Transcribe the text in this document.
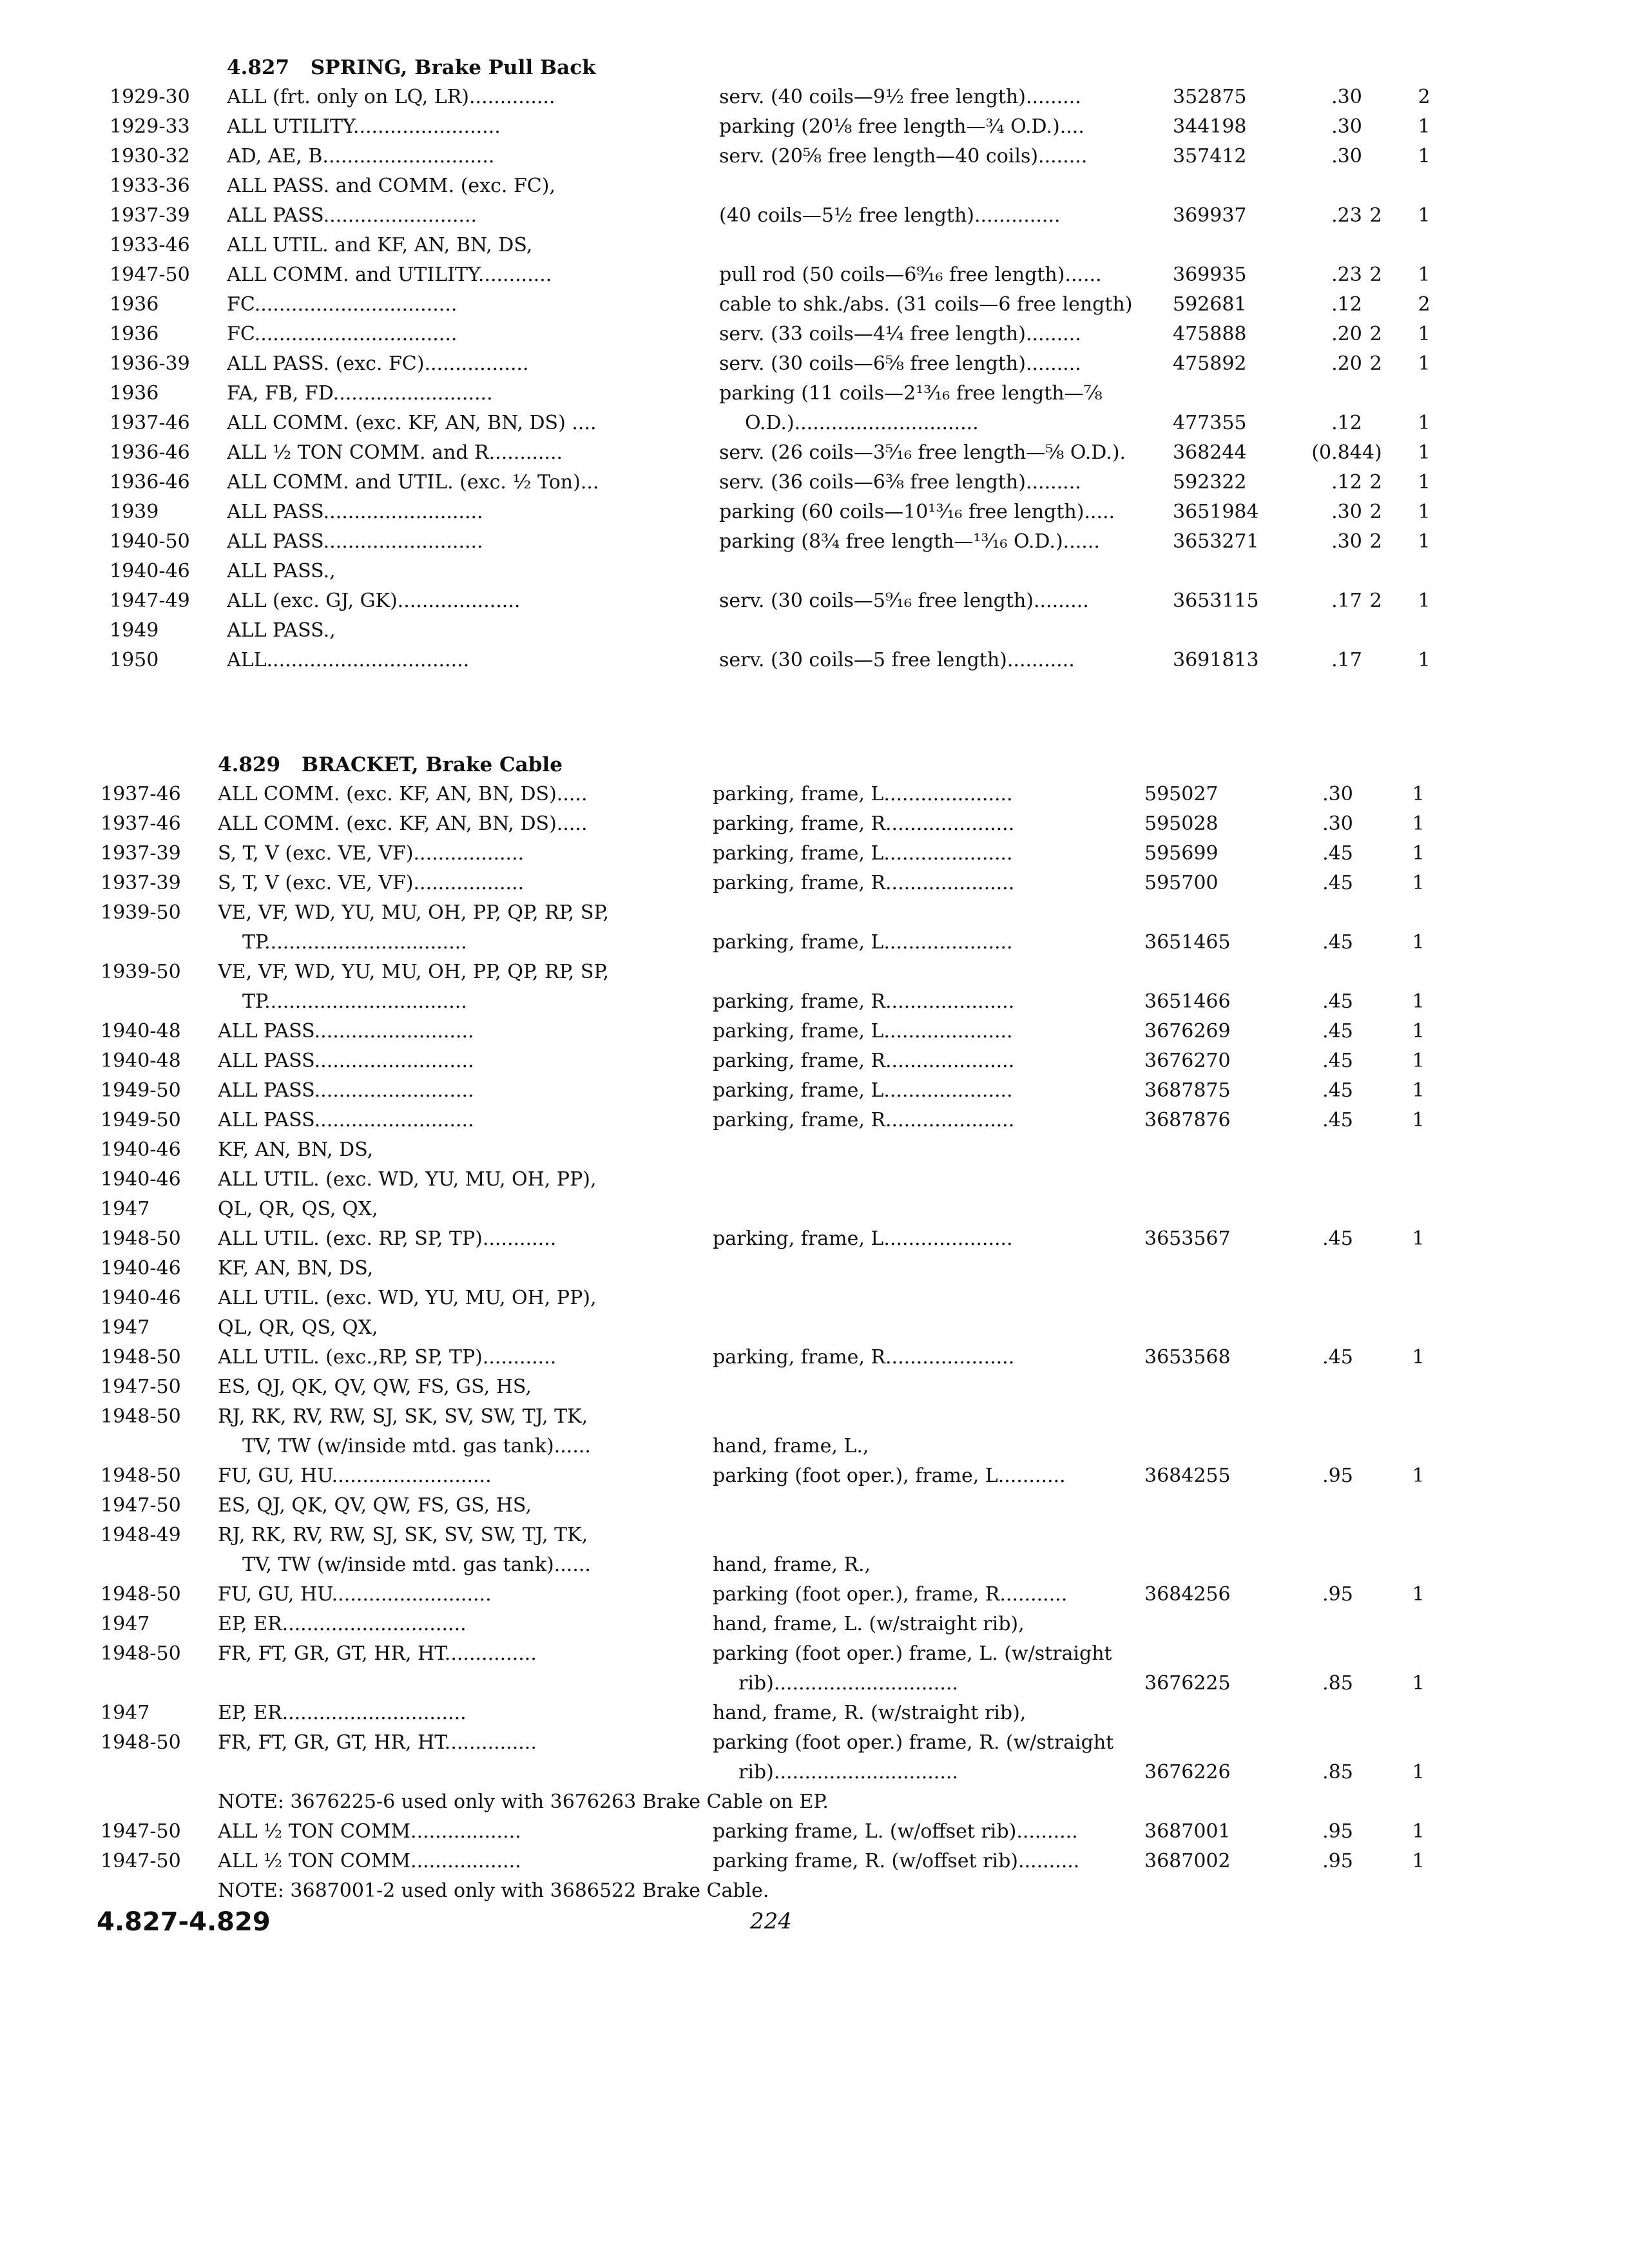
4.827 SPRING, Brake Pull Back
1929-30	ALL (frt. only on LQ, LR)..............	serv. (40 coils—9½ free length).........	352875	.30	2
1929-33	ALL UTILITY........................	parking (20⅛ free length—¾ O.D.)....	344198	.30	1
1930-32	AD, AE, B............................	serv. (20⅝ free length—40 coils)........	357412	.30	1
1933-36	ALL PASS. and COMM. (exc. FC),
1937-39	ALL PASS.........................	(40 coils—5½ free length)..............	369937	.23 2	1
1933-46	ALL UTIL. and KF, AN, BN, DS,
1947-50	ALL COMM. and UTILITY............	pull rod (50 coils—6⁹⁄₁₆ free length)......	369935	.23 2	1
1936	FC.................................	cable to shk./abs. (31 coils—6 free length)	592681	.12	2
1936	FC.................................	serv. (33 coils—4¼ free length).........	475888	.20 2	1
1936-39	ALL PASS. (exc. FC).................	serv. (30 coils—6⅝ free length).........	475892	.20 2	1
1936	FA, FB, FD..........................	parking (11 coils—2¹³⁄₁₆ free length—⅞
1937-46	ALL COMM. (exc. KF, AN, BN, DS) ....	O.D.)..............................	477355	.12	1
1936-46	ALL ½ TON COMM. and R............	serv. (26 coils—3⁵⁄₁₆ free length—⅝ O.D.).	368244	(0.844)	1
1936-46	ALL COMM. and UTIL. (exc. ½ Ton)...	serv. (36 coils—6⅜ free length).........	592322	.12 2	1
1939	ALL PASS..........................	parking (60 coils—10¹³⁄₁₆ free length).....	3651984	.30 2	1
1940-50	ALL PASS..........................	parking (8¾ free length—¹³⁄₁₆ O.D.)......	3653271	.30 2	1
1940-46	ALL PASS.,
1947-49	ALL (exc. GJ, GK)....................	serv. (30 coils—5⁹⁄₁₆ free length).........	3653115	.17 2	1
1949	ALL PASS.,
1950	ALL.................................	serv. (30 coils—5 free length)...........	3691813	.17	1
4.829 BRACKET, Brake Cable
1937-46	ALL COMM. (exc. KF, AN, BN, DS).....	parking, frame, L.....................	595027	.30	1
1937-46	ALL COMM. (exc. KF, AN, BN, DS).....	parking, frame, R.....................	595028	.30	1
1937-39	S, T, V (exc. VE, VF)..................	parking, frame, L.....................	595699	.45	1
1937-39	S, T, V (exc. VE, VF)..................	parking, frame, R.....................	595700	.45	1
1939-50	VE, VF, WD, YU, MU, OH, PP, QP, RP, SP,
TP.................................	parking, frame, L.....................	3651465	.45	1
1939-50	VE, VF, WD, YU, MU, OH, PP, QP, RP, SP,
TP.................................	parking, frame, R.....................	3651466	.45	1
1940-48	ALL PASS..........................	parking, frame, L.....................	3676269	.45	1
1940-48	ALL PASS..........................	parking, frame, R.....................	3676270	.45	1
1949-50	ALL PASS..........................	parking, frame, L.....................	3687875	.45	1
1949-50	ALL PASS..........................	parking, frame, R.....................	3687876	.45	1
1940-46	KF, AN, BN, DS,
1940-46	ALL UTIL. (exc. WD, YU, MU, OH, PP),
1947	QL, QR, QS, QX,
1948-50	ALL UTIL. (exc. RP, SP, TP)............	parking, frame, L.....................	3653567	.45	1
1940-46	KF, AN, BN, DS,
1940-46	ALL UTIL. (exc. WD, YU, MU, OH, PP),
1947	QL, QR, QS, QX,
1948-50	ALL UTIL. (exc.,RP, SP, TP)............	parking, frame, R.....................	3653568	.45	1
1947-50	ES, QJ, QK, QV, QW, FS, GS, HS,
1948-50	RJ, RK, RV, RW, SJ, SK, SV, SW, TJ, TK,
TV, TW (w/inside mtd. gas tank)......	hand, frame, L.,
1948-50	FU, GU, HU..........................	parking (foot oper.), frame, L...........	3684255	.95	1
1947-50	ES, QJ, QK, QV, QW, FS, GS, HS,
1948-49	RJ, RK, RV, RW, SJ, SK, SV, SW, TJ, TK,
TV, TW (w/inside mtd. gas tank)......	hand, frame, R.,
1948-50	FU, GU, HU..........................	parking (foot oper.), frame, R...........	3684256	.95	1
1947	EP, ER..............................	hand, frame, L. (w/straight rib),
1948-50	FR, FT, GR, GT, HR, HT...............	parking (foot oper.) frame, L. (w/straight
rib)..............................	3676225	.85	1
1947	EP, ER..............................	hand, frame, R. (w/straight rib),
1948-50	FR, FT, GR, GT, HR, HT...............	parking (foot oper.) frame, R. (w/straight
rib)..............................	3676226	.85	1
NOTE: 3676225-6 used only with 3676263 Brake Cable on EP.
1947-50	ALL ½ TON COMM..................	parking frame, L. (w/offset rib)..........	3687001	.95	1
1947-50	ALL ½ TON COMM..................	parking frame, R. (w/offset rib)..........	3687002	.95	1
NOTE: 3687001-2 used only with 3686522 Brake Cable.
4.827-4.829	224
